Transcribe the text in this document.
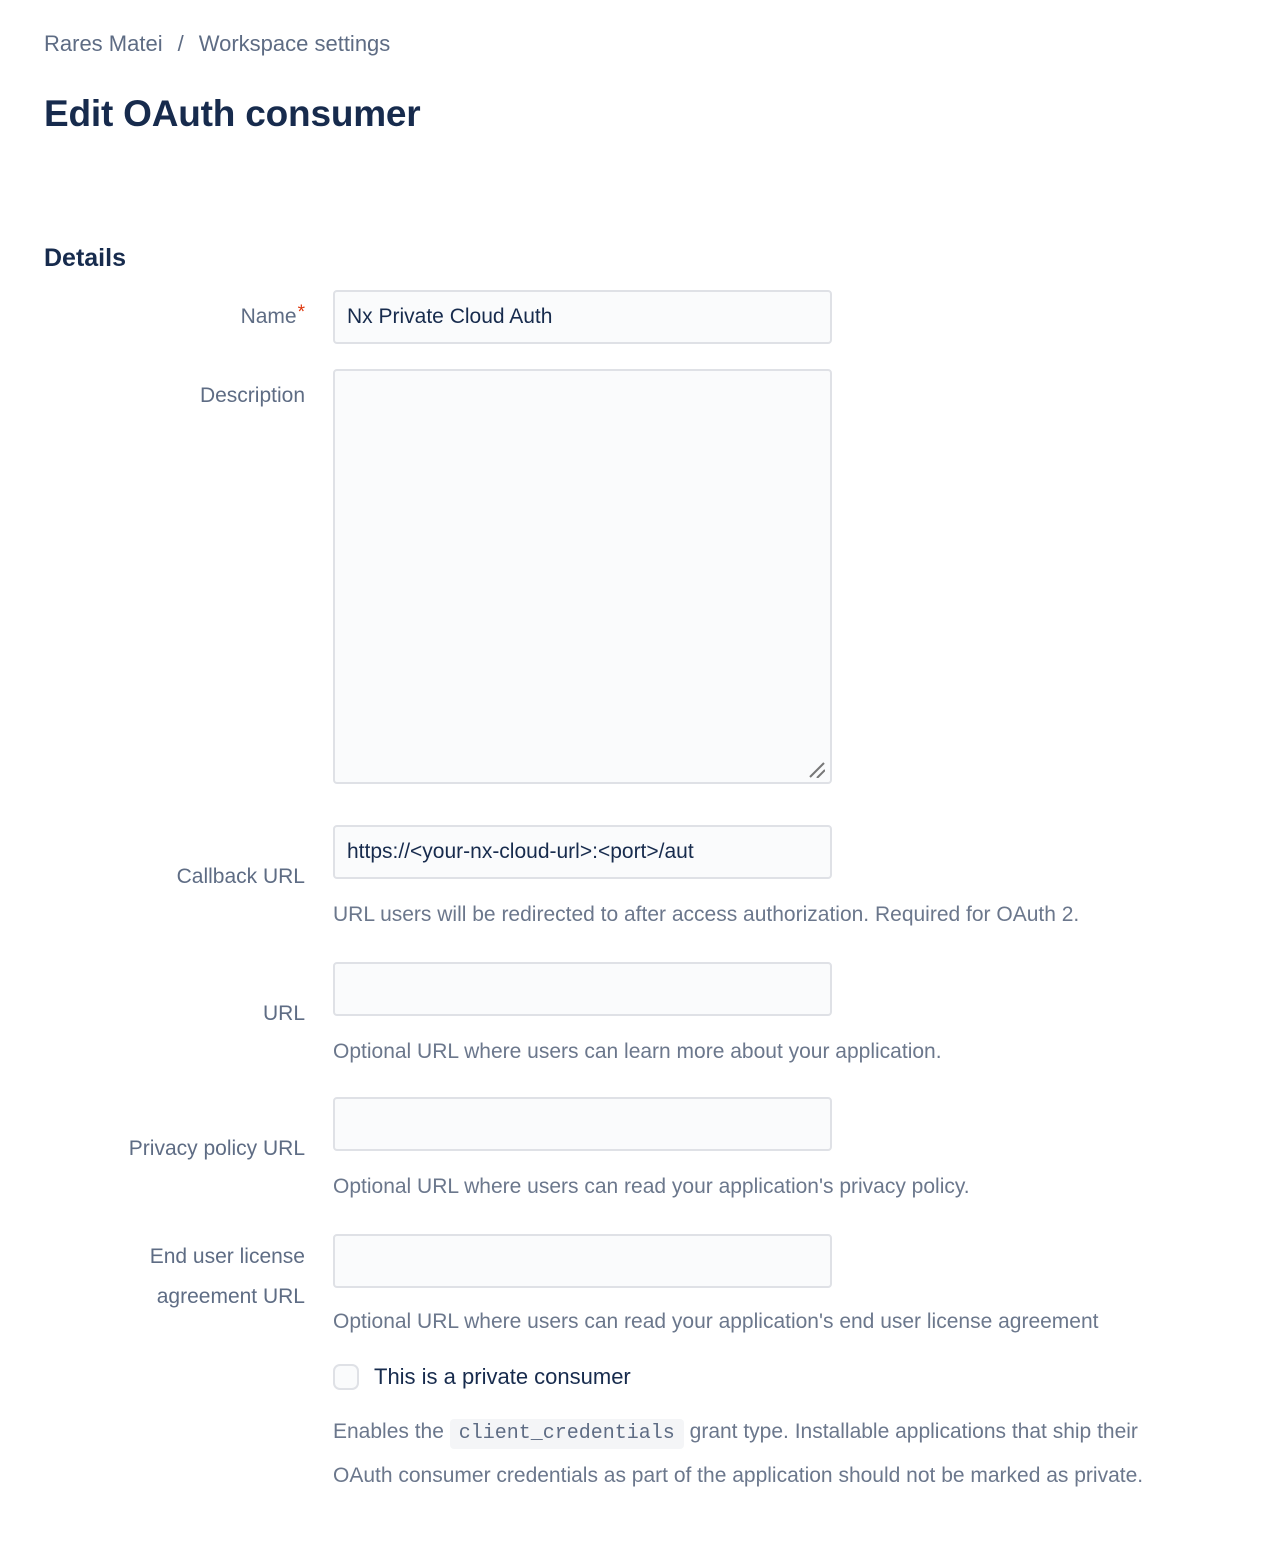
Rares Matei / Workspace settings
Edit OAuth consumer
Details
Name*
Nx Private Cloud Auth
Description
Callback URL
https://<your-nx-cloud-url>:<port>/aut

URL users will be redirected to after access authorization. Required for OAuth 2.

URL

Optional URL where users can learn more about your application.

Privacy policy URL

Optional URL where users can read your application's privacy policy.

End user license agreement URL

Optional URL where users can read your application's end user license agreement

This is a private consumer

Enables the client_credentials grant type. Installable applications that ship their OAuth consumer credentials as part of the application should not be marked as private.
